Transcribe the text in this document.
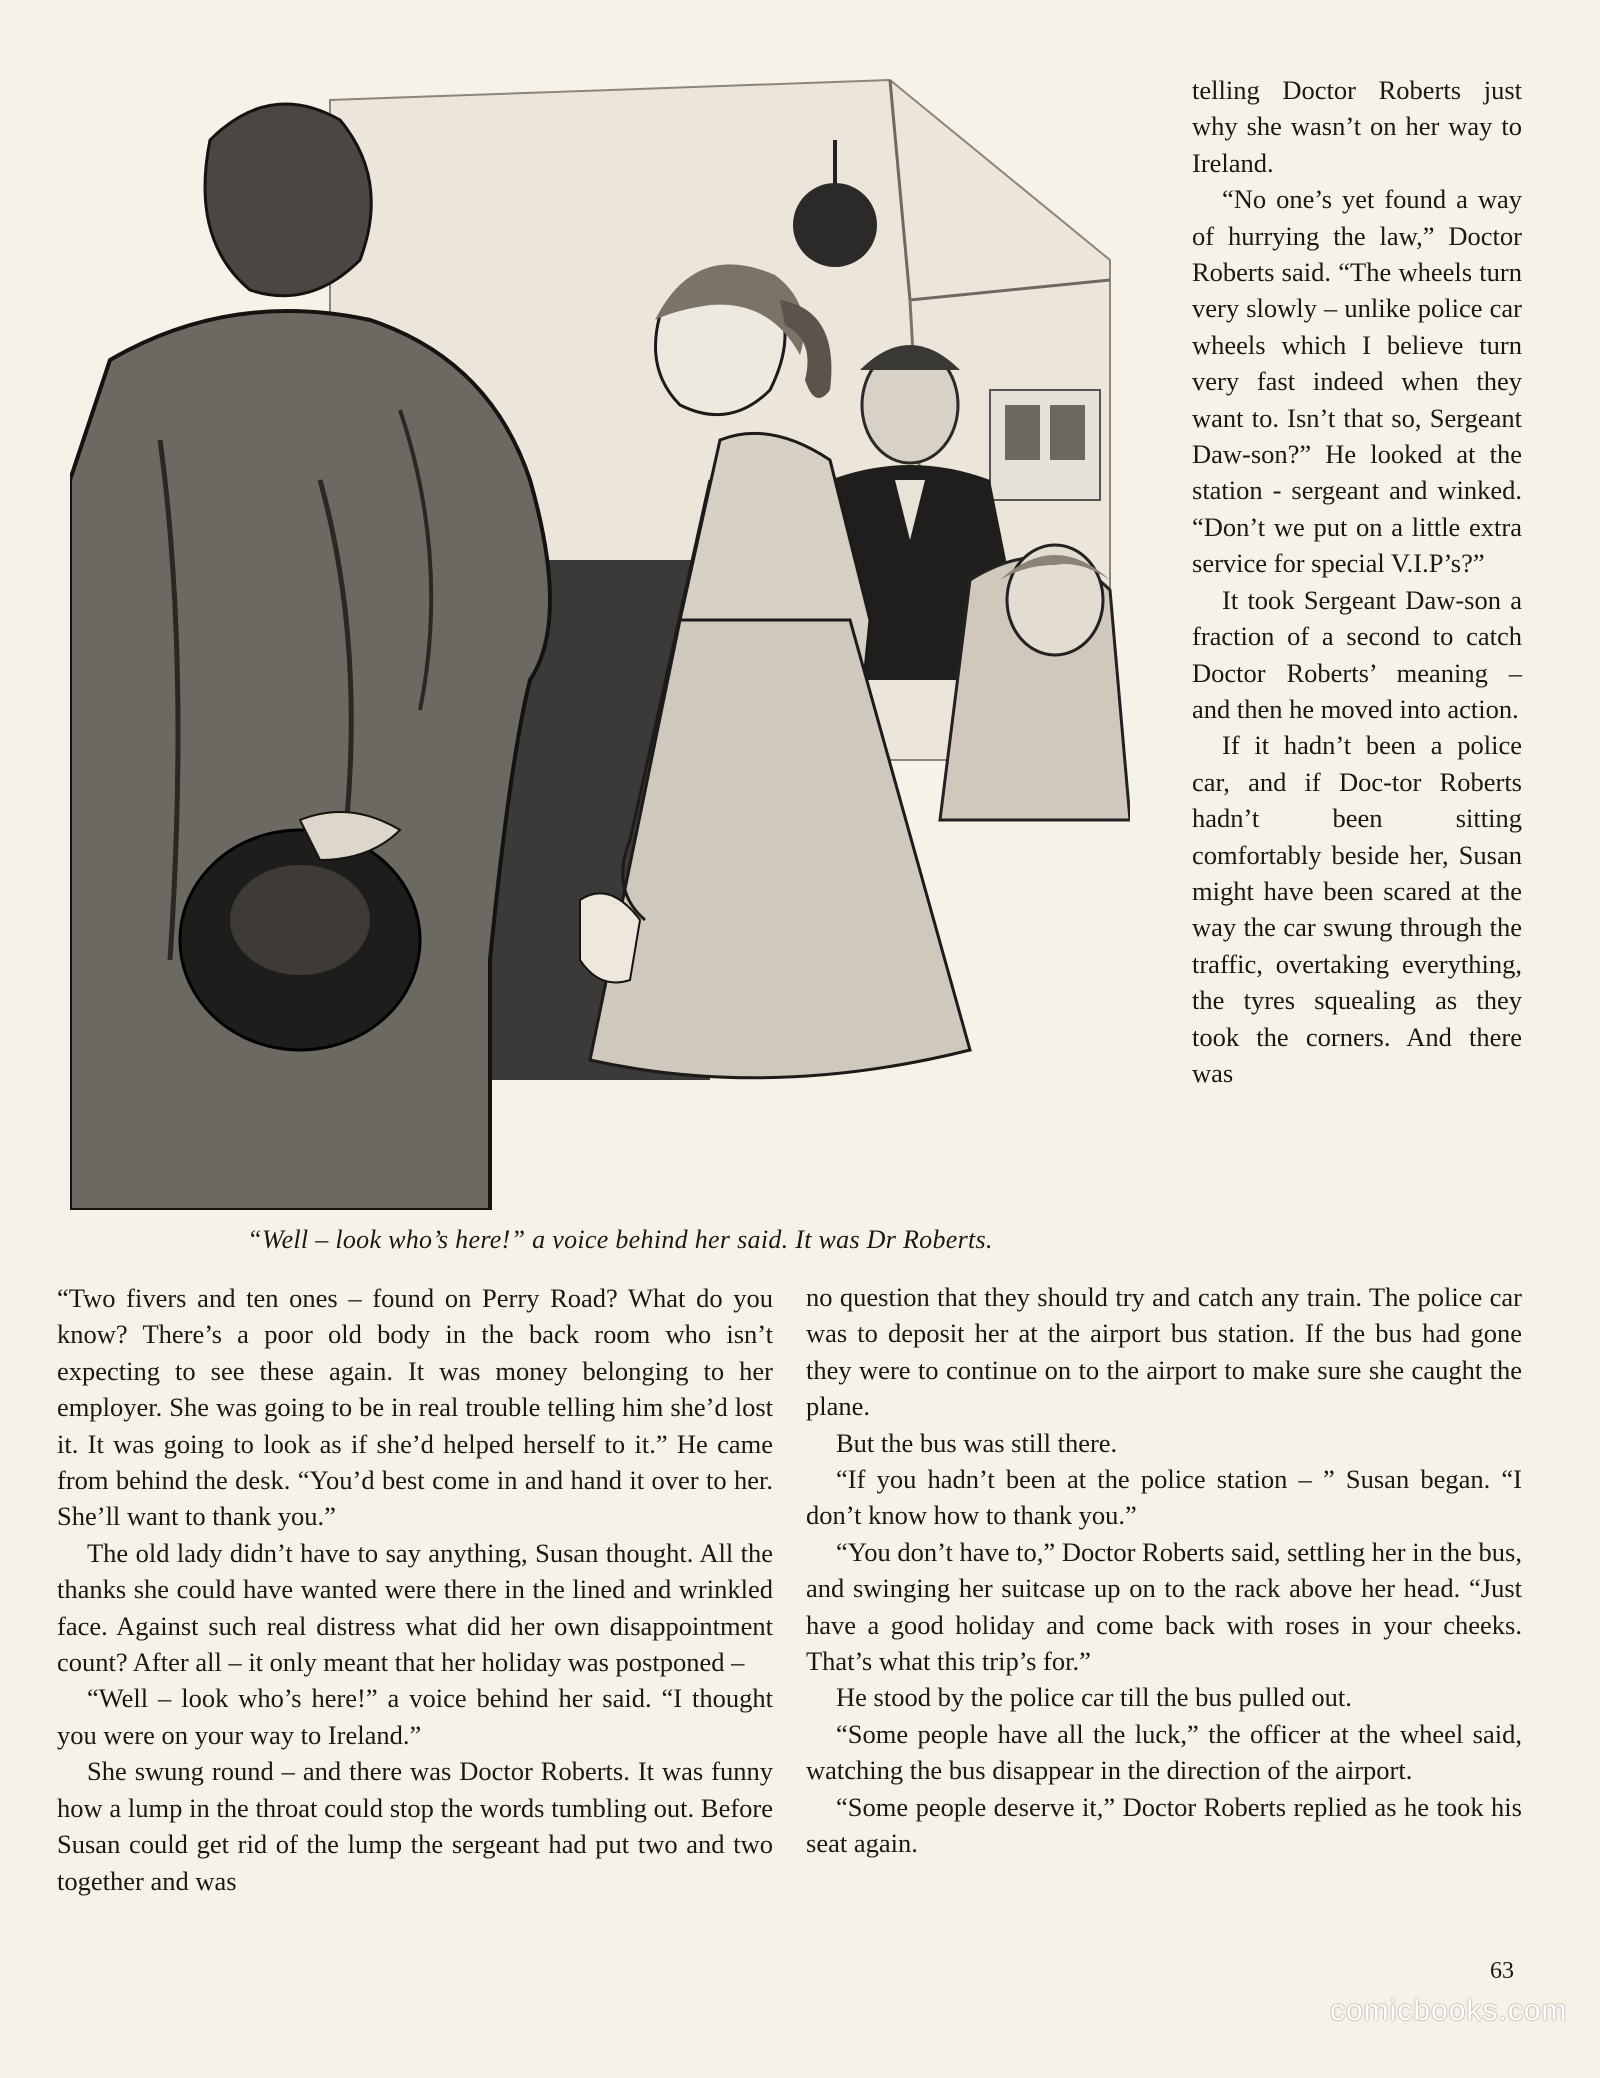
“Well – look who’s here!” a voice behind her said. It was Dr Roberts.

telling Doctor Roberts just why she wasn’t on her way to Ireland.

“No one’s yet found a way of hurrying the law,” Doctor Roberts said. “The wheels turn very slowly – unlike police car wheels which I believe turn very fast indeed when they want to. Isn’t that so, Sergeant Daw-son?” He looked at the station - sergeant and winked. “Don’t we put on a little extra service for special V.I.P’s?”

It took Sergeant Daw-son a fraction of a second to catch Doctor Roberts’ meaning – and then he moved into action.

If it hadn’t been a police car, and if Doc-tor Roberts hadn’t been sitting comfortably beside her, Susan might have been scared at the way the car swung through the traffic, overtaking everything, the tyres squealing as they took the corners. And there was

“Two fivers and ten ones – found on Perry Road? What do you know? There’s a poor old body in the back room who isn’t expecting to see these again. It was money belonging to her employer. She was going to be in real trouble telling him she’d lost it. It was going to look as if she’d helped herself to it.” He came from behind the desk. “You’d best come in and hand it over to her. She’ll want to thank you.”

The old lady didn’t have to say anything, Susan thought. All the thanks she could have wanted were there in the lined and wrinkled face. Against such real distress what did her own disappointment count? After all – it only meant that her holiday was postponed –

“Well – look who’s here!” a voice behind her said. “I thought you were on your way to Ireland.”

She swung round – and there was Doctor Roberts. It was funny how a lump in the throat could stop the words tumbling out. Before Susan could get rid of the lump the sergeant had put two and two together and was

no question that they should try and catch any train. The police car was to deposit her at the airport bus station. If the bus had gone they were to continue on to the airport to make sure she caught the plane.

But the bus was still there.

“If you hadn’t been at the police station – ” Susan began. “I don’t know how to thank you.”

“You don’t have to,” Doctor Roberts said, settling her in the bus, and swinging her suitcase up on to the rack above her head. “Just have a good holiday and come back with roses in your cheeks. That’s what this trip’s for.”

He stood by the police car till the bus pulled out.

“Some people have all the luck,” the officer at the wheel said, watching the bus disappear in the direction of the airport.

“Some people deserve it,” Doctor Roberts replied as he took his seat again.

63
comicbooks.com
